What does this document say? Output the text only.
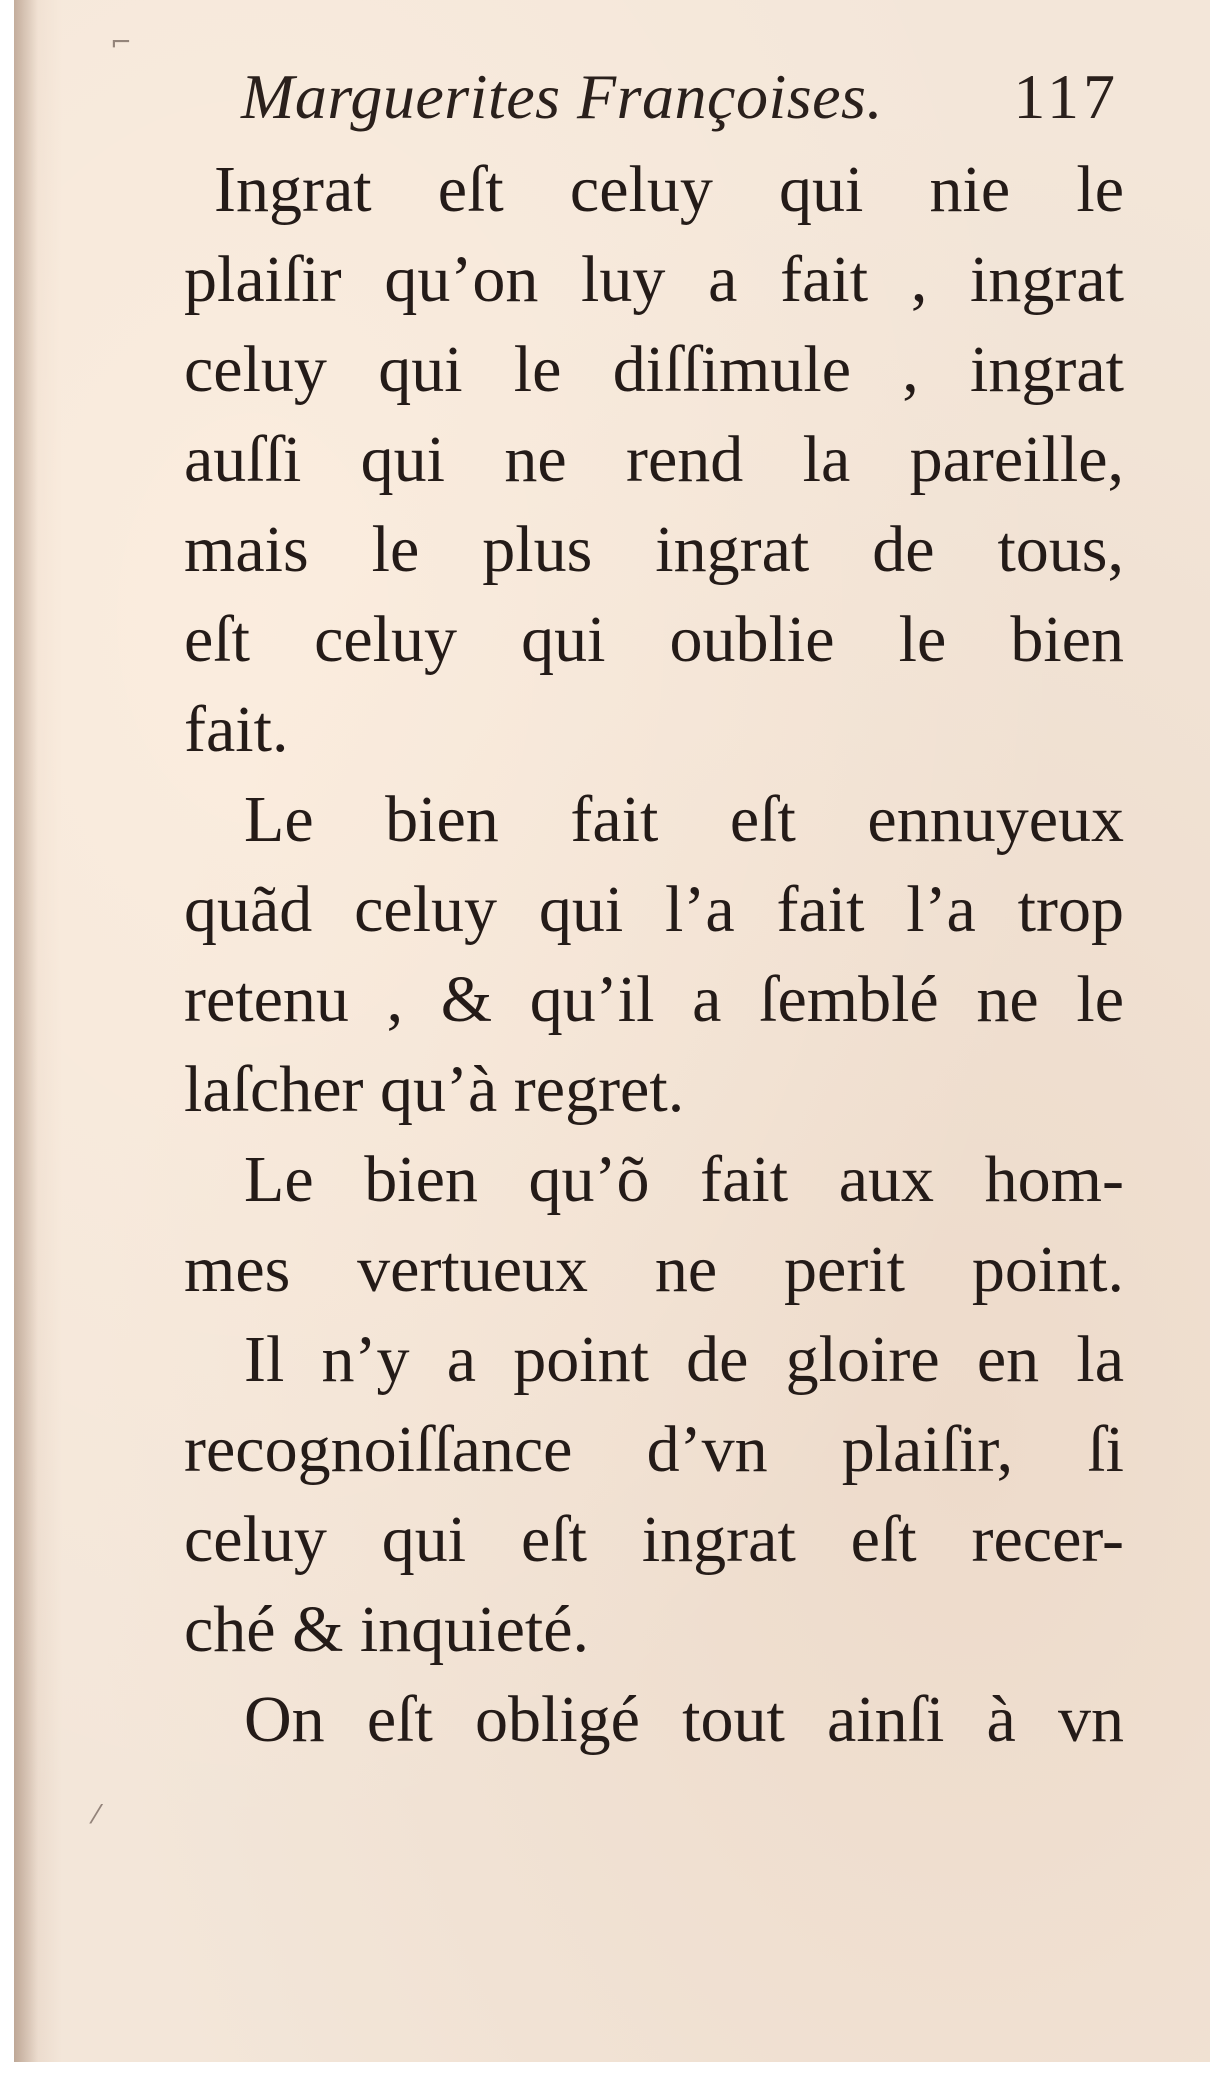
⌐
⁄
Marguerites Françoises. 117
Ingrat eſt celuy qui nie le
plaiſir qu’on luy a fait , ingrat
celuy qui le diſſimule , ingrat
auſſi qui ne rend la pareille,
mais le plus ingrat de tous,
eſt celuy qui oublie le bien
fait.
Le bien fait eſt ennuyeux
quãd celuy qui l’a fait l’a trop
retenu , & qu’il a ſemblé ne le
laſcher qu’à regret.
Le bien qu’õ fait aux hom-
mes vertueux ne perit point.
Il n’y a point de gloire en la
recognoiſſance d’vn plaiſir, ſi
celuy qui eſt ingrat eſt recer-
ché & inquieté.
On eſt obligé tout ainſi à vn
